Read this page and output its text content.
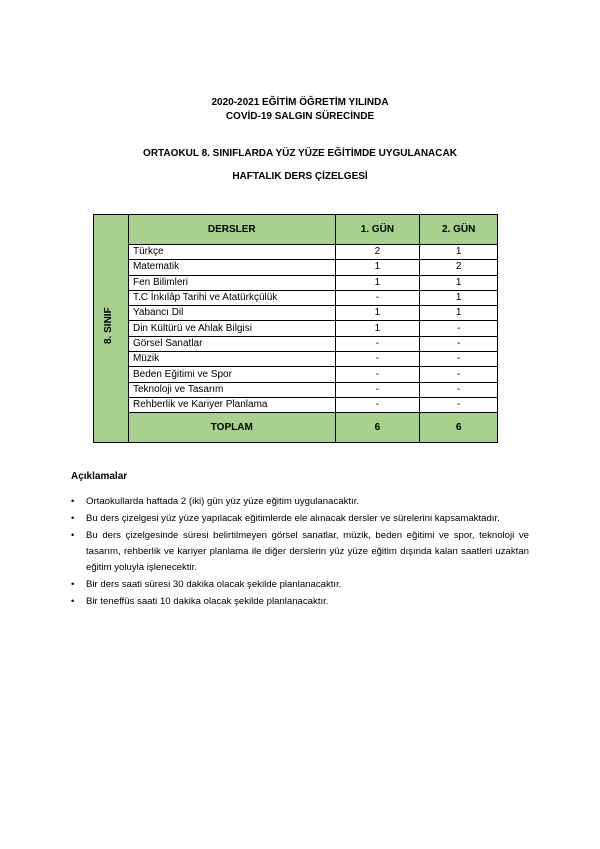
2020-2021 EĞİTİM ÖĞRETİM YILINDA
COVİD-19 SALGIN SÜRECİNDE
ORTAOKUL 8. SINIFLARDA YÜZ YÜZE EĞİTİMDE UYGULANACAK
HAFTALIK DERS ÇİZELGESİ
8. SINIF	DERSLER	1. GÜN	2. GÜN
	Türkçe	2	1
	Matematik	1	2
	Fen Bilimleri	1	1
	T.C İnkılâp Tarihi ve Atatürkçülük	-	1
	Yabancı Dil	1	1
	Din Kültürü ve Ahlak Bilgisi	1	-
	Görsel Sanatlar	-	-
	Müzik	-	-
	Beden Eğitimi ve Spor	-	-
	Teknoloji ve Tasarım	-	-
	Rehberlik ve Kariyer Planlama	-	-
	TOPLAM	6	6
Açıklamalar
• Ortaokullarda haftada 2 (iki) gün yüz yüze eğitim uygulanacaktır.
• Bu ders çizelgesi yüz yüze yapılacak eğitimlerde ele alınacak dersler ve sürelerini kapsamaktadır.
• Bu ders çizelgesinde süresi belirtilmeyen görsel sanatlar, müzik, beden eğitimi ve spor, teknoloji ve tasarım, rehberlik ve kariyer planlama ile diğer derslerin yüz yüze eğitim dışında kalan saatleri uzaktan eğitim yoluyla işlenecektir.
• Bir ders saati süresi 30 dakika olacak şekilde planlanacaktır.
• Bir teneffüs saati 10 dakika olacak şekilde planlanacaktır.
